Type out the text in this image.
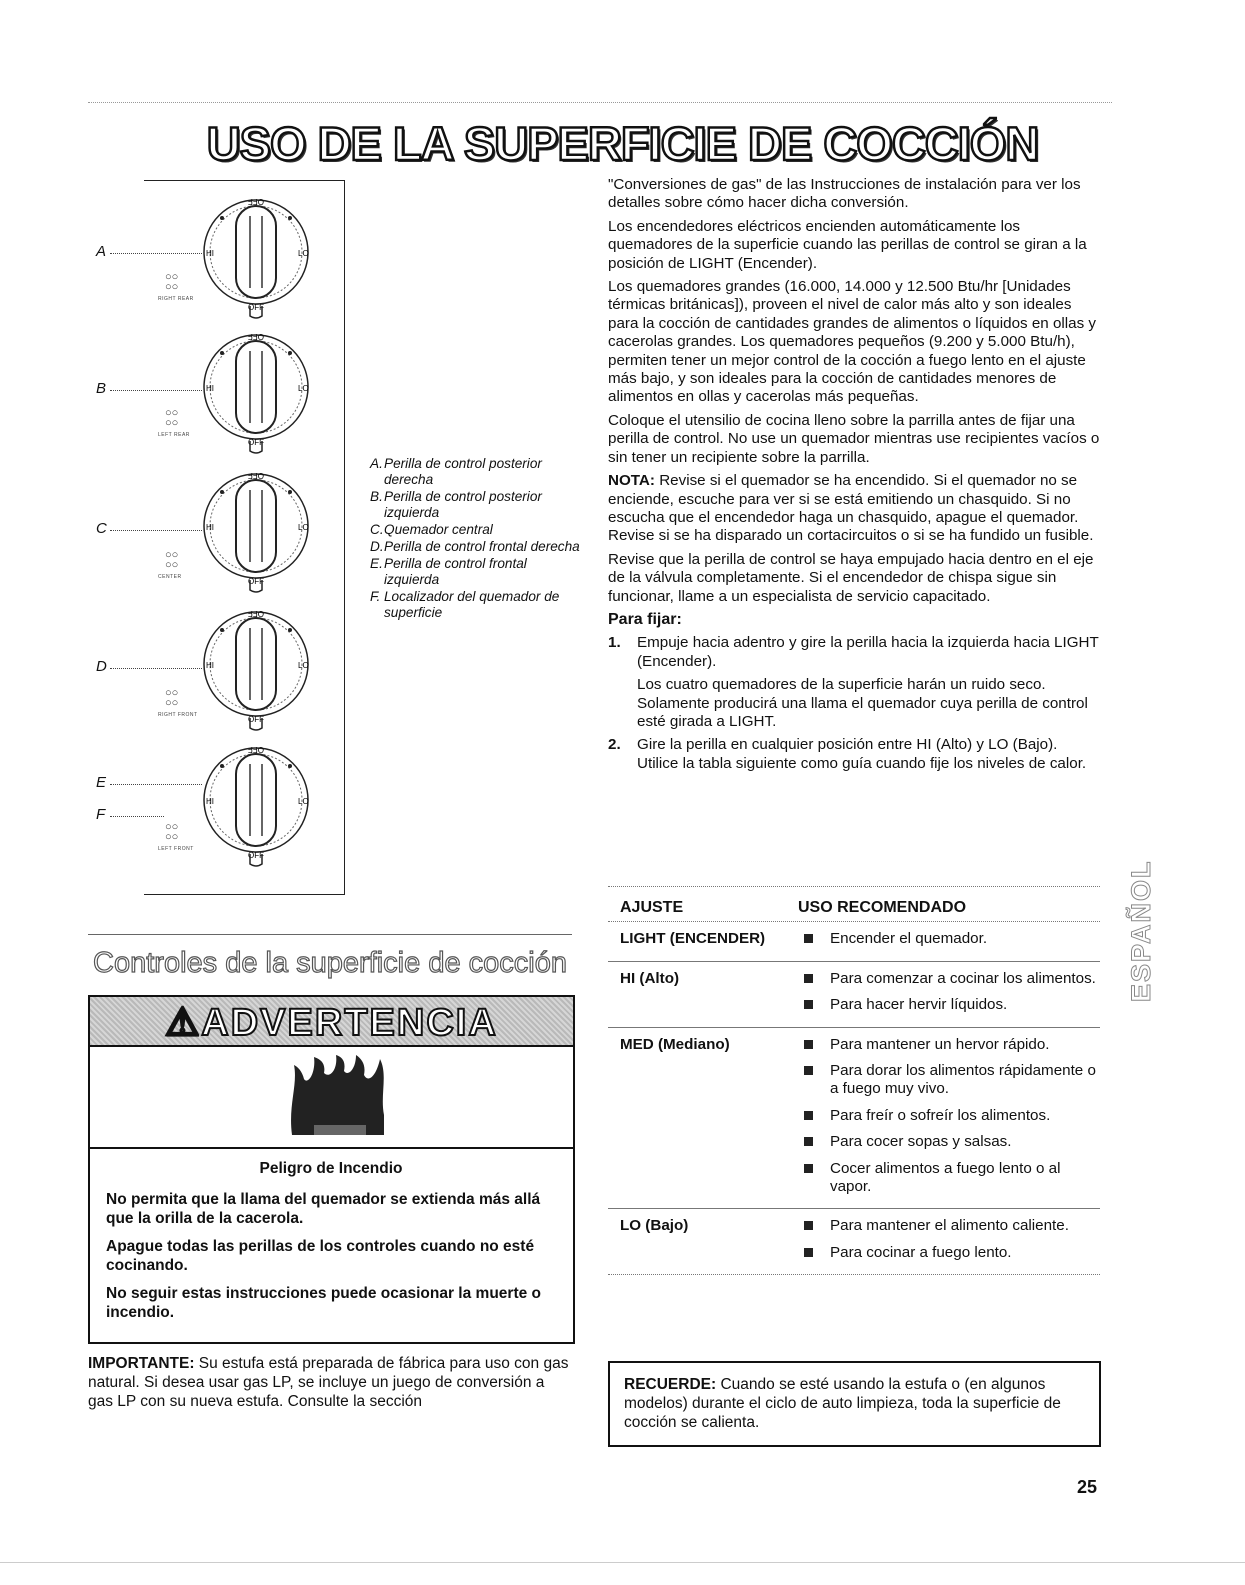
USO DE LA SUPERFICIE DE COCCIÓN
A
B
C
D
E
F
OFF
OFF
HI	LO
○○
○○
RIGHT REAR
OFF
OFF
HI	LO
○○
○○
LEFT REAR
OFF
OFF
HI	LO
○○
○○
CENTER
OFF
OFF
HI	LO
○○
○○
RIGHT FRONT
OFF
OFF
HI	LO
○○
○○
LEFT FRONT

A.Perilla de control posterior derecha

B.Perilla de control posterior izquierda

C.Quemador central

D.Perilla de control frontal derecha

E.Perilla de control frontal izquierda

F. Localizador del quemador de superficie

Controles de la superficie de cocción
⚠ADVERTENCIA

Peligro de Incendio

No permita que la llama del quemador se extienda más allá que la orilla de la cacerola.

Apague todas las perillas de los controles cuando no esté cocinando.

No seguir estas instrucciones puede ocasionar la muerte o incendio.

IMPORTANTE: Su estufa está preparada de fábrica para uso con gas natural. Si desea usar gas LP, se incluye un juego de conversión a gas LP con su nueva estufa. Consulte la sección

"Conversiones de gas" de las Instrucciones de instalación para ver los detalles sobre cómo hacer dicha conversión.

Los encendedores eléctricos encienden automáticamente los quemadores de la superficie cuando las perillas de control se giran a la posición de LIGHT (Encender).

Los quemadores grandes (16.000, 14.000 y 12.500 Btu/hr [Unidades térmicas británicas]), proveen el nivel de calor más alto y son ideales para la cocción de cantidades grandes de alimentos o líquidos en ollas y cacerolas grandes. Los quemadores pequeños (9.200 y 5.000 Btu/h), permiten tener un mejor control de la cocción a fuego lento en el ajuste más bajo, y son ideales para la cocción de cantidades menores de alimentos en ollas y cacerolas más pequeñas.

Coloque el utensilio de cocina lleno sobre la parrilla antes de fijar una perilla de control. No use un quemador mientras use recipientes vacíos o sin tener un recipiente sobre la parrilla.

NOTA: Revise si el quemador se ha encendido. Si el quemador no se enciende, escuche para ver si se está emitiendo un chasquido. Si no escucha que el encendedor haga un chasquido, apague el quemador. Revise si se ha disparado un cortacircuitos o si se ha fundido un fusible.

Revise que la perilla de control se haya empujado hacia dentro en el eje de la válvula completamente. Si el encendedor de chispa sigue sin funcionar, llame a un especialista de servicio capacitado.

Para fijar:

1. Empuje hacia adentro y gire la perilla hacia la izquierda hacia LIGHT (Encender).

Los cuatro quemadores de la superficie harán un ruido seco. Solamente producirá una llama el quemador cuya perilla de control esté girada a LIGHT.

2. Gire la perilla en cualquier posición entre HI (Alto) y LO (Bajo). Utilice la tabla siguiente como guía cuando fije los niveles de calor.

AJUSTE	USO RECOMENDADO
LIGHT (ENCENDER)	Encender el quemador.
HI (Alto)	Para comenzar a cocinar los alimentos.
Para hacer hervir líquidos.
MED (Mediano)	Para mantener un hervor rápido.
Para dorar los alimentos rápidamente o a fuego muy vivo.
Para freír o sofreír los alimentos.
Para cocer sopas y salsas.
Cocer alimentos a fuego lento o al vapor.
LO (Bajo)	Para mantener el alimento caliente.
Para cocinar a fuego lento.

RECUERDE: Cuando se esté usando la estufa o (en algunos modelos) durante el ciclo de auto limpieza, toda la superficie de cocción se calienta.

25
ESPAÑOL
